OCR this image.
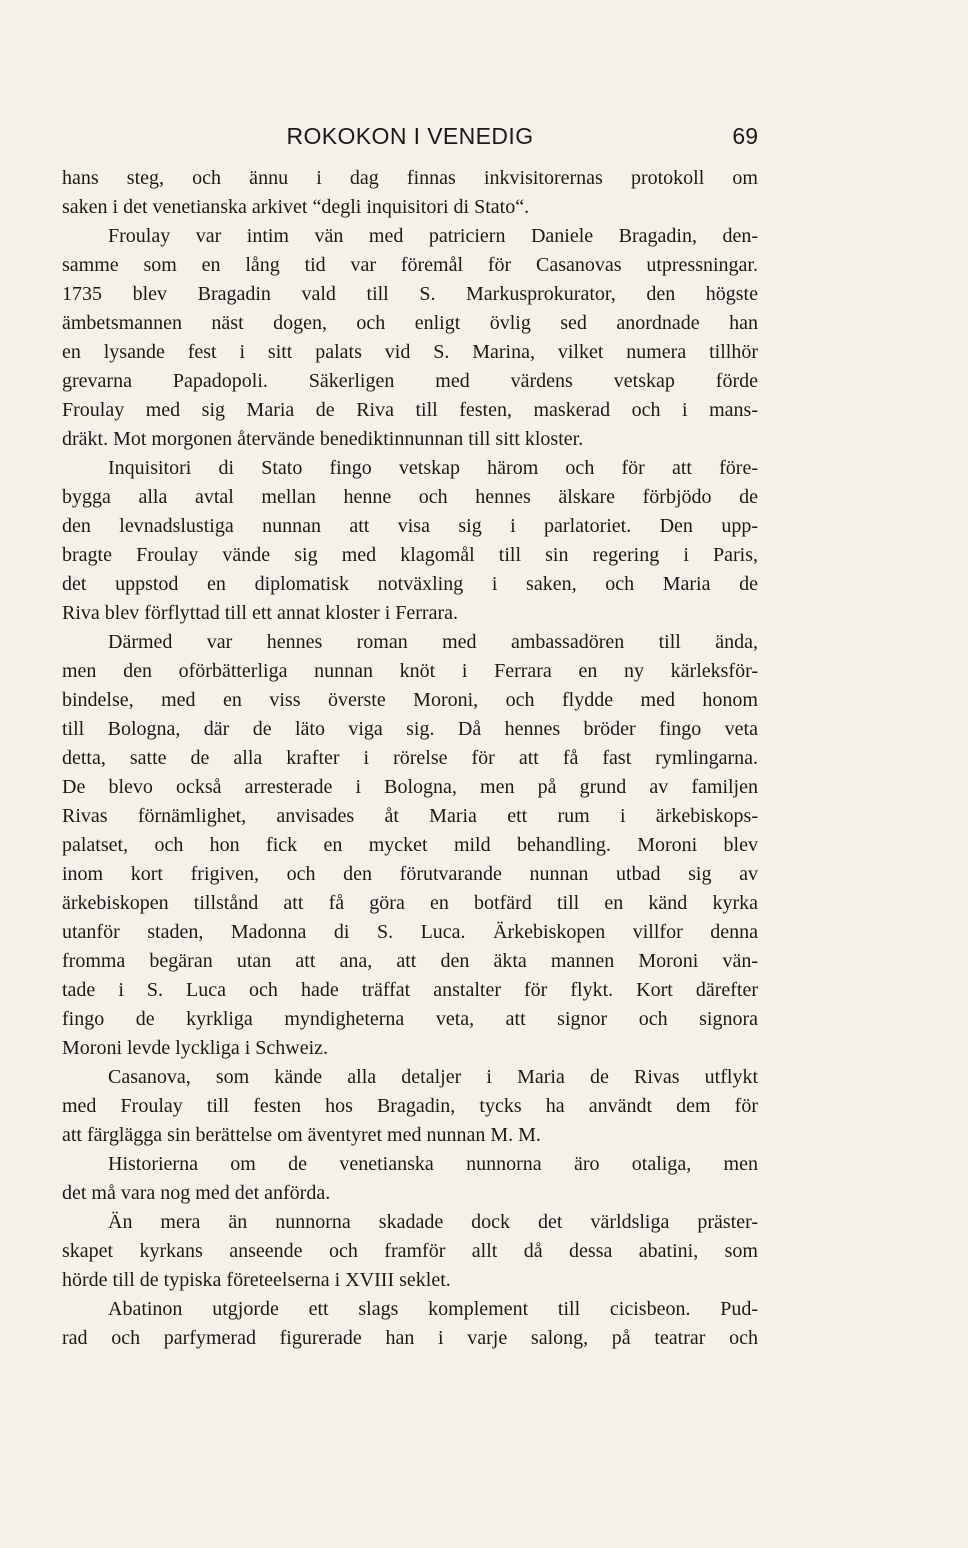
ROKOKON I VENEDIG	69
hans steg, och ännu i dag finnas inkvisitorernas protokoll om
saken i det venetianska arkivet “degli inquisitori di Stato“.
Froulay var intim vän med patriciern Daniele Bragadin, den-
samme som en lång tid var föremål för Casanovas utpressningar.
1735 blev Bragadin vald till S. Markusprokurator, den högste
ämbetsmannen näst dogen, och enligt övlig sed anordnade han
en lysande fest i sitt palats vid S. Marina, vilket numera tillhör
grevarna Papadopoli. Säkerligen med värdens vetskap förde
Froulay med sig Maria de Riva till festen, maskerad och i mans-
dräkt. Mot morgonen återvände benediktinnunnan till sitt kloster.
Inquisitori di Stato fingo vetskap härom och för att före-
bygga alla avtal mellan henne och hennes älskare förbjödo de
den levnadslustiga nunnan att visa sig i parlatoriet. Den upp-
bragte Froulay vände sig med klagomål till sin regering i Paris,
det uppstod en diplomatisk notväxling i saken, och Maria de
Riva blev förflyttad till ett annat kloster i Ferrara.
Därmed var hennes roman med ambassadören till ända,
men den oförbätterliga nunnan knöt i Ferrara en ny kärleksför-
bindelse, med en viss överste Moroni, och flydde med honom
till Bologna, där de läto viga sig. Då hennes bröder fingo veta
detta, satte de alla krafter i rörelse för att få fast rymlingarna.
De blevo också arresterade i Bologna, men på grund av familjen
Rivas förnämlighet, anvisades åt Maria ett rum i ärkebiskops-
palatset, och hon fick en mycket mild behandling. Moroni blev
inom kort frigiven, och den förutvarande nunnan utbad sig av
ärkebiskopen tillstånd att få göra en botfärd till en känd kyrka
utanför staden, Madonna di S. Luca. Ärkebiskopen villfor denna
fromma begäran utan att ana, att den äkta mannen Moroni vän-
tade i S. Luca och hade träffat anstalter för flykt. Kort därefter
fingo de kyrkliga myndigheterna veta, att signor och signora
Moroni levde lyckliga i Schweiz.
Casanova, som kände alla detaljer i Maria de Rivas utflykt
med Froulay till festen hos Bragadin, tycks ha användt dem för
att färglägga sin berättelse om äventyret med nunnan M. M.
Historierna om de venetianska nunnorna äro otaliga, men
det må vara nog med det anförda.
Än mera än nunnorna skadade dock det världsliga präster-
skapet kyrkans anseende och framför allt då dessa abatini, som
hörde till de typiska företeelserna i XVIII seklet.
Abatinon utgjorde ett slags komplement till cicisbeon. Pud-
rad och parfymerad figurerade han i varje salong, på teatrar och
